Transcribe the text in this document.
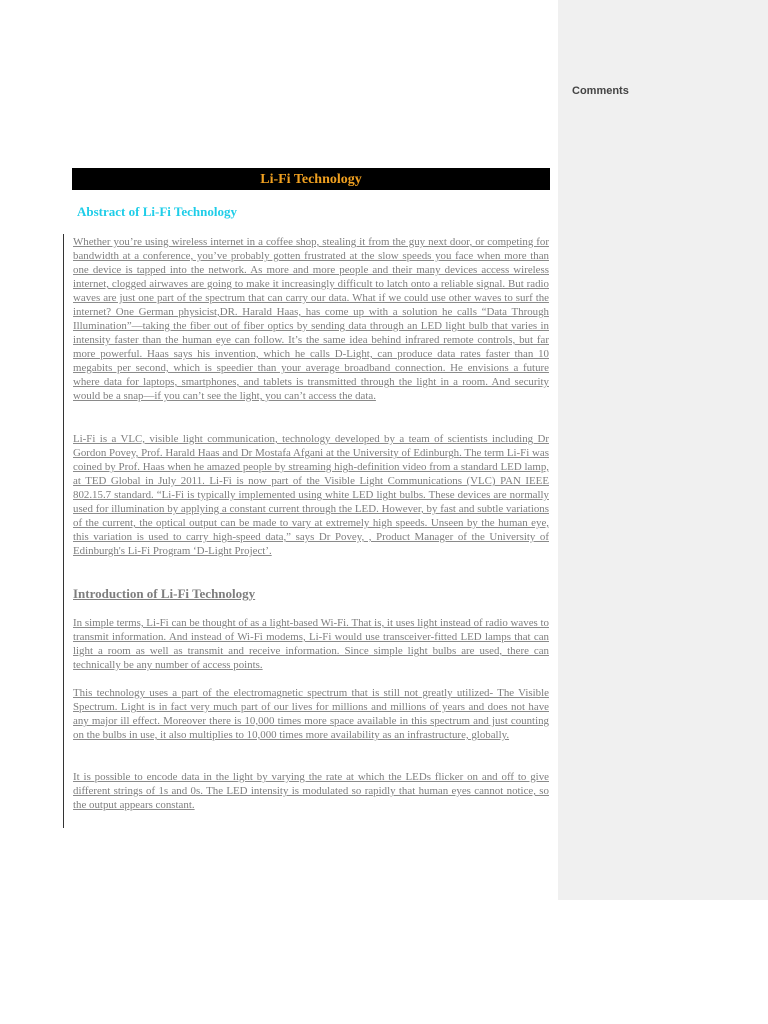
Comments
Li-Fi Technology
Abstract of Li-Fi Technology
Whether you’re using wireless internet in a coffee shop, stealing it from the guy next door, or competing for bandwidth at a conference, you’ve probably gotten frustrated at the slow speeds you face when more than one device is tapped into the network. As more and more people and their many devices access wireless internet, clogged airwaves are going to make it increasingly difficult to latch onto a reliable signal. But radio waves are just one part of the spectrum that can carry our data. What if we could use other waves to surf the internet? One German physicist,DR. Harald Haas, has come up with a solution he calls “Data Through Illumination”—taking the fiber out of fiber optics by sending data through an LED light bulb that varies in intensity faster than the human eye can follow. It’s the same idea behind infrared remote controls, but far more powerful. Haas says his invention, which he calls D-Light, can produce data rates faster than 10 megabits per second, which is speedier than your average broadband connection. He envisions a future where data for laptops, smartphones, and tablets is transmitted through the light in a room. And security would be a snap—if you can’t see the light, you can’t access the data.
Li-Fi is a VLC, visible light communication, technology developed by a team of scientists including Dr Gordon Povey, Prof. Harald Haas and Dr Mostafa Afgani at the University of Edinburgh. The term Li-Fi was coined by Prof. Haas when he amazed people by streaming high-definition video from a standard LED lamp, at TED Global in July 2011. Li-Fi is now part of the Visible Light Communications (VLC) PAN IEEE 802.15.7 standard. “Li-Fi is typically implemented using white LED light bulbs. These devices are normally used for illumination by applying a constant current through the LED. However, by fast and subtle variations of the current, the optical output can be made to vary at extremely high speeds. Unseen by the human eye, this variation is used to carry high-speed data,” says Dr Povey, , Product Manager of the University of Edinburgh's Li-Fi Program ‘D-Light Project’.
Introduction of Li-Fi Technology
In simple terms, Li-Fi can be thought of as a light-based Wi-Fi. That is, it uses light instead of radio waves to transmit information. And instead of Wi-Fi modems, Li-Fi would use transceiver-fitted LED lamps that can light a room as well as transmit and receive information. Since simple light bulbs are used, there can technically be any number of access points.
This technology uses a part of the electromagnetic spectrum that is still not greatly utilized- The Visible Spectrum. Light is in fact very much part of our lives for millions and millions of years and does not have any major ill effect. Moreover there is 10,000 times more space available in this spectrum and just counting on the bulbs in use, it also multiplies to 10,000 times more availability as an infrastructure, globally.
It is possible to encode data in the light by varying the rate at which the LEDs flicker on and off to give different strings of 1s and 0s. The LED intensity is modulated so rapidly that human eyes cannot notice, so the output appears constant.
